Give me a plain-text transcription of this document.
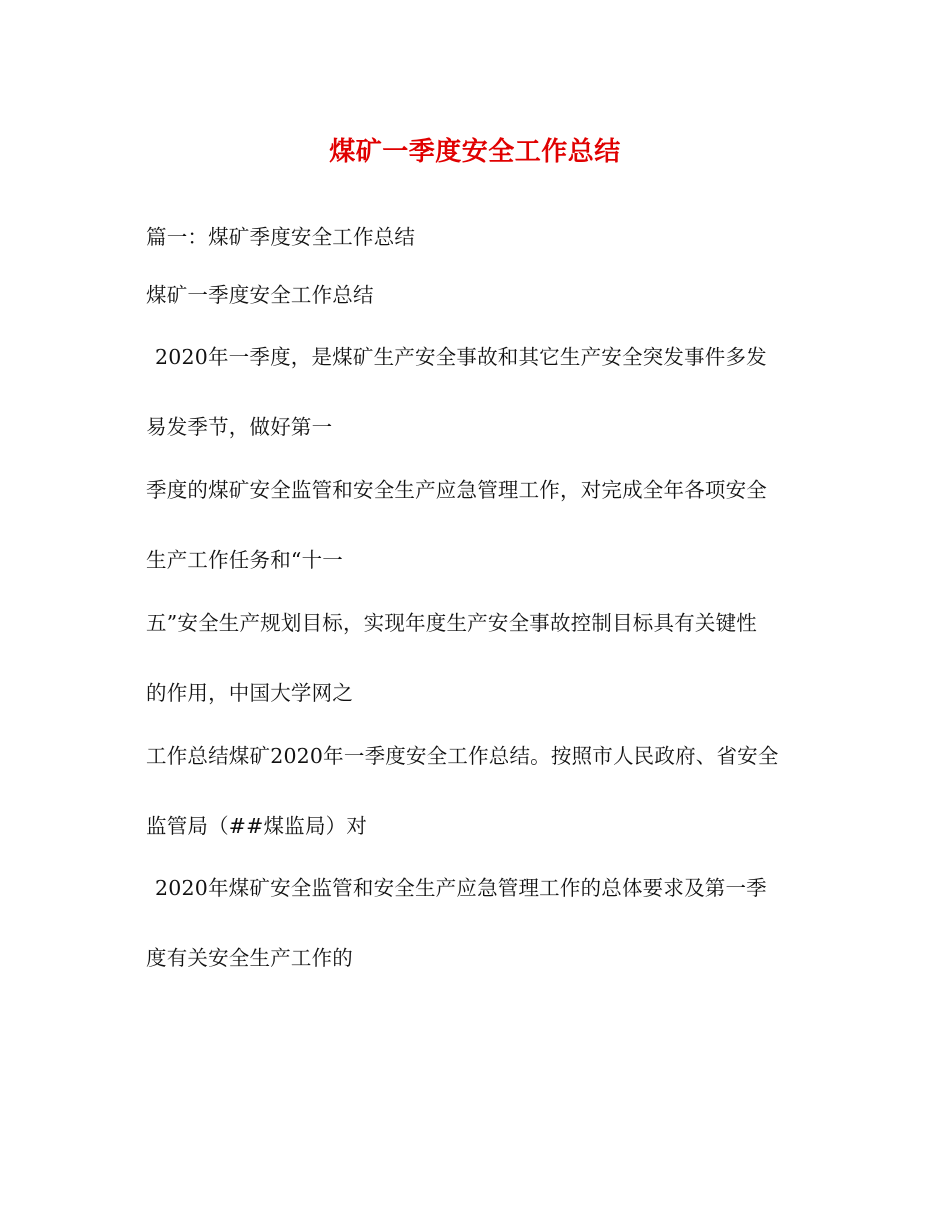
煤矿一季度安全工作总结
篇一：煤矿季度安全工作总结
煤矿一季度安全工作总结
2020年一季度，是煤矿生产安全事故和其它生产安全突发事件多发
易发季节，做好第一
季度的煤矿安全监管和安全生产应急管理工作，对完成全年各项安全
生产工作任务和“十一
五”安全生产规划目标，实现年度生产安全事故控制目标具有关键性
的作用，中国大学网之
工作总结煤矿2020年一季度安全工作总结。按照市人民政府、省安全
监管局（##煤监局）对
2020年煤矿安全监管和安全生产应急管理工作的总体要求及第一季
度有关安全生产工作的
